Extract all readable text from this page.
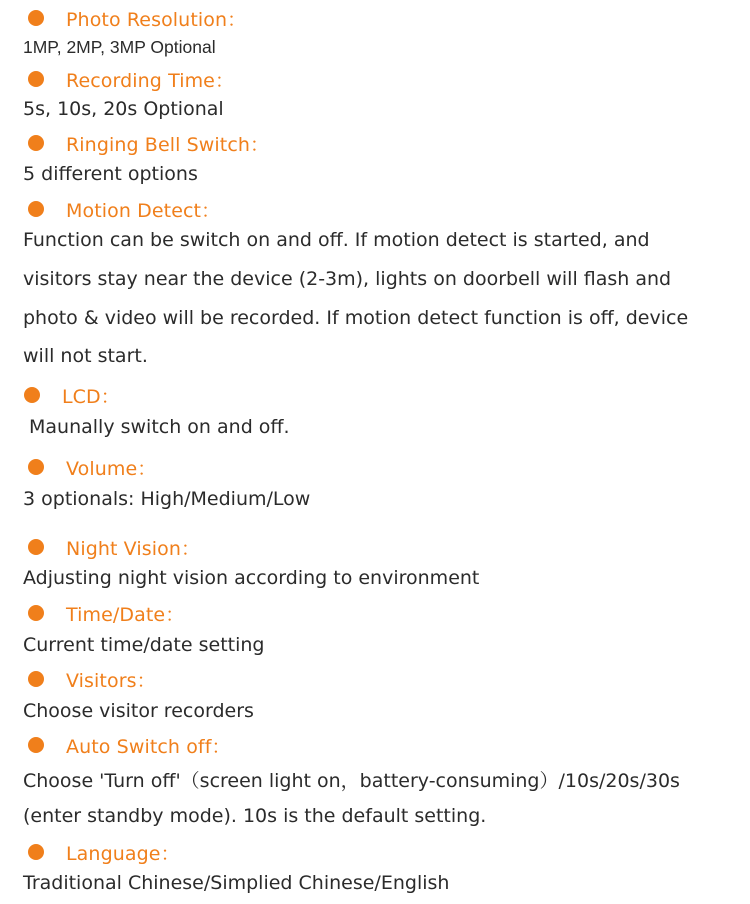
Photo Resolution：
1MP, 2MP, 3MP Optional
Recording Time：
5s, 10s, 20s Optional
Ringing Bell Switch：
5 different options
Motion Detect：
Function can be switch on and off. If motion detect is started, and
visitors stay near the device (2-3m), lights on doorbell will flash and
photo & video will be recorded. If motion detect function is off, device
will not start.
LCD：
Maunally switch on and off.
Volume：
3 optionals: High/Medium/Low
Night Vision：
Adjusting night vision according to environment
Time/Date：
Current time/date setting
Visitors：
Choose visitor recorders
Auto Switch off：
Choose 'Turn off'（screen light on，battery-consuming）/10s/20s/30s
(enter standby mode). 10s is the default setting.
Language：
Traditional Chinese/Simplied Chinese/English
